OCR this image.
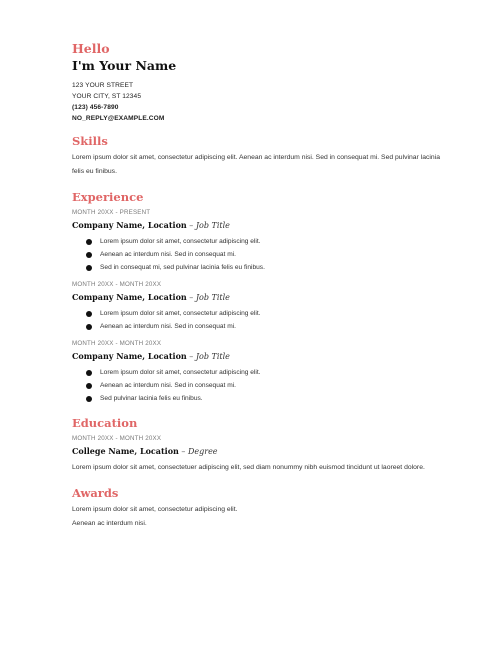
Hello
I'm Your Name
123 YOUR STREET
YOUR CITY, ST 12345
(123) 456-7890
NO_REPLY@EXAMPLE.COM
Skills
Lorem ipsum dolor sit amet, consectetur adipiscing elit. Aenean ac interdum nisi. Sed in consequat mi. Sed pulvinar lacinia felis eu finibus.
Experience
MONTH 20XX - PRESENT
Company Name, Location – Job Title
Lorem ipsum dolor sit amet, consectetur adipiscing elit.
Aenean ac interdum nisi. Sed in consequat mi.
Sed in consequat mi, sed pulvinar lacinia felis eu finibus.
MONTH 20XX - MONTH 20XX
Company Name, Location – Job Title
Lorem ipsum dolor sit amet, consectetur adipiscing elit.
Aenean ac interdum nisi. Sed in consequat mi.
MONTH 20XX - MONTH 20XX
Company Name, Location – Job Title
Lorem ipsum dolor sit amet, consectetur adipiscing elit.
Aenean ac interdum nisi. Sed in consequat mi.
Sed pulvinar lacinia felis eu finibus.
Education
MONTH 20XX - MONTH 20XX
College Name, Location – Degree
Lorem ipsum dolor sit amet, consectetuer adipiscing elit, sed diam nonummy nibh euismod tincidunt ut laoreet dolore.
Awards
Lorem ipsum dolor sit amet, consectetur adipiscing elit.
Aenean ac interdum nisi.
